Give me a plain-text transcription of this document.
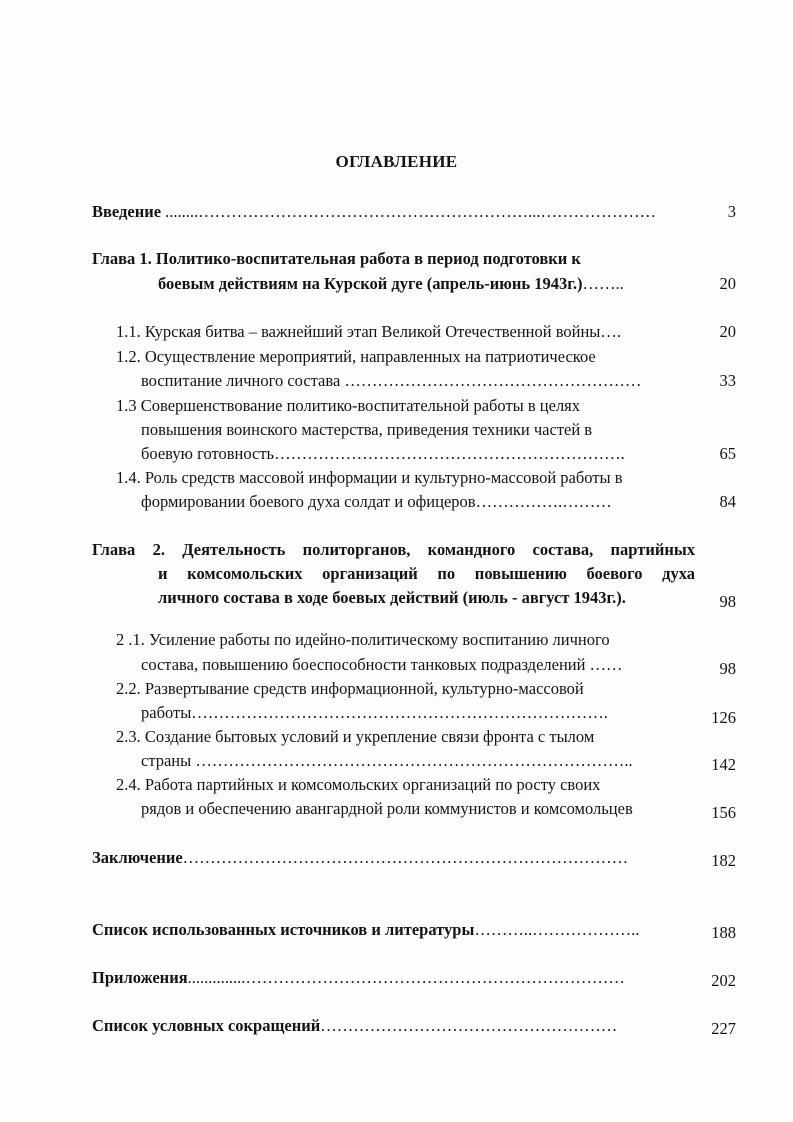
ОГЛАВЛЕНИЕ
Введение ........……………………………………………………...…………………	3
Глава 1. Политико-воспитательная работа в период подготовки к
боевым действиям на Курской дуге (апрель-июнь 1943г.)……..	20
1.1. Курская битва – важнейший этап Великой Отечественной войны….	20
1.2. Осуществление мероприятий, направленных на патриотическое
воспитание личного состава ………………………………………………	33
1.3 Совершенствование политико-воспитательной работы в целях
повышения воинского мастерства, приведения техники частей в
боевую готовность……………………………………………………….	65
1.4. Роль средств массовой информации и культурно-массовой работы в
формировании боевого духа солдат и офицеров…………….………	84
Глава 2. Деятельность политорганов, командного состава, партийных
и комсомольских организаций по повышению боевого духа
личного состава в ходе боевых действий (июль - август 1943г.).	98
2 .1. Усиление работы по идейно-политическому воспитанию личного
состава, повышению боеспособности танковых подразделений ……	98
2.2. Развертывание средств информационной, культурно-массовой
работы………………………………………………………………….	126
2.3. Создание бытовых условий и укрепление связи фронта с тылом
страны ……………………………………………………………………..	142
2.4. Работа партийных и комсомольских организаций по росту своих
рядов и обеспечению авангардной роли коммунистов и комсомольцев	156
Заключение………………………………………………………………………	182
Список использованных источников и литературы………..………………..	188
Приложения..............……………………………………………………………	202
Список условных сокращений………………………………………………	227
